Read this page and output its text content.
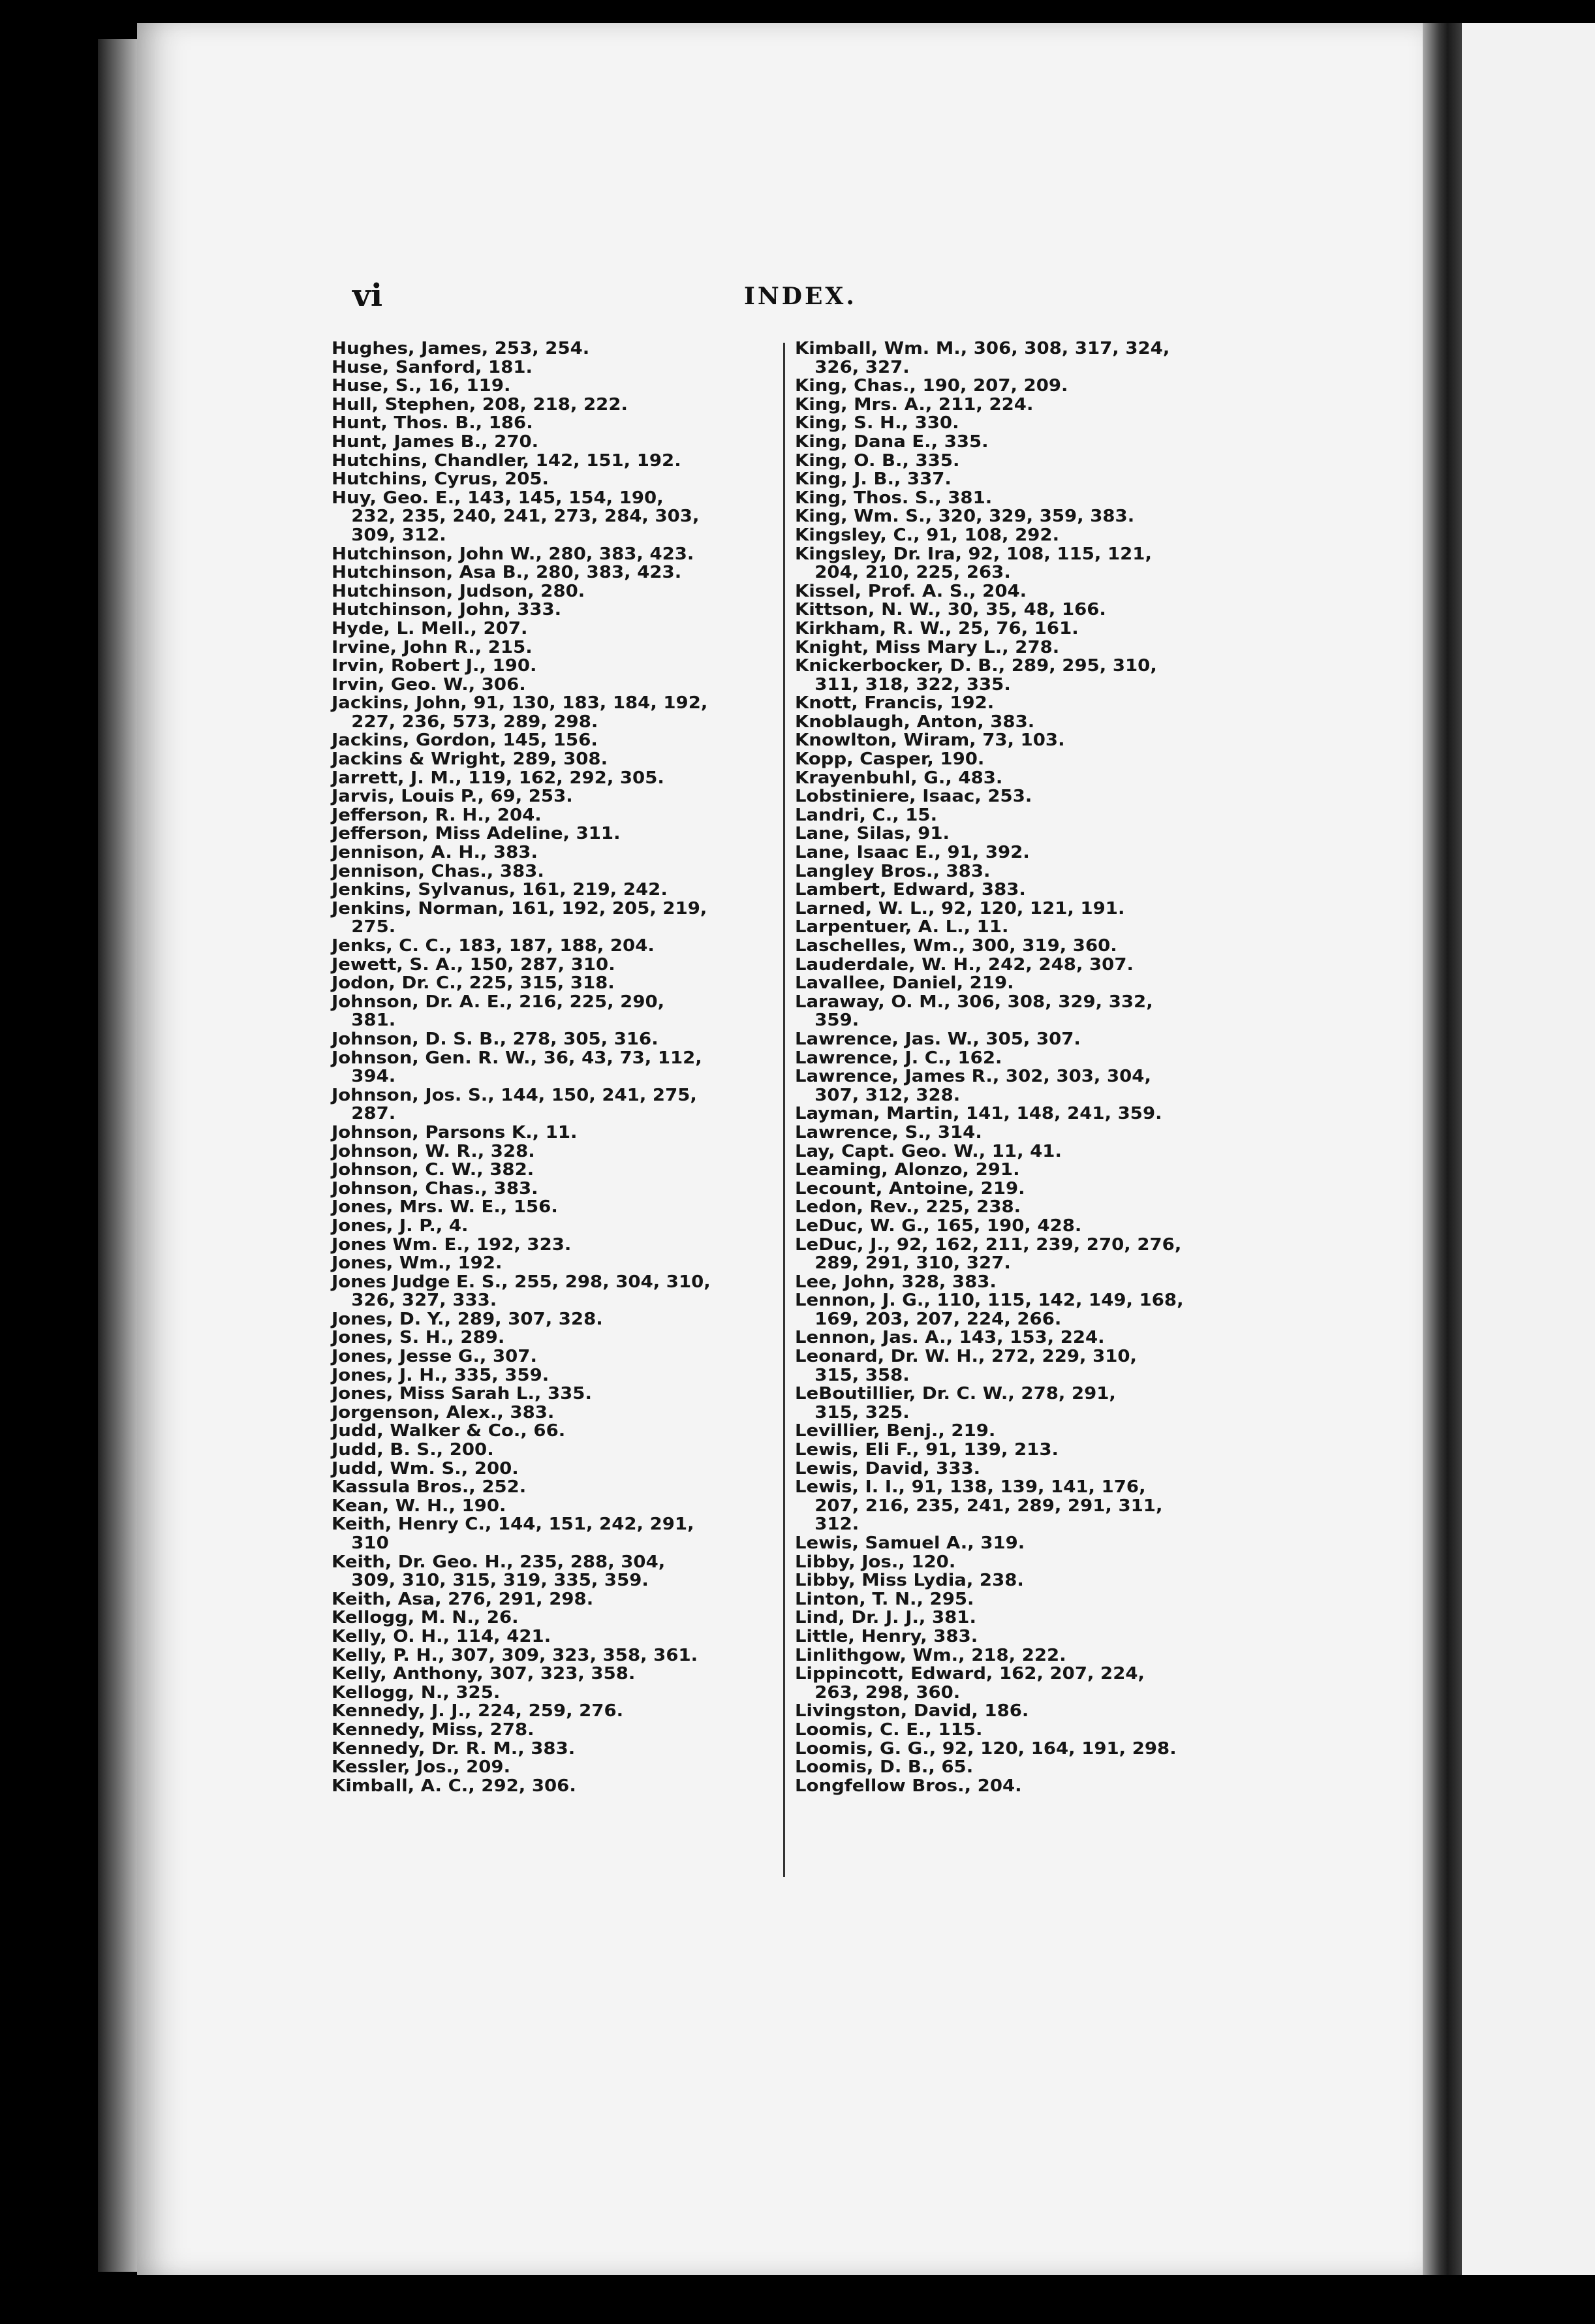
vi	INDEX.
Hughes, James, 253, 254.
Huse, Sanford, 181.
Huse, S., 16, 119.
Hull, Stephen, 208, 218, 222.
Hunt, Thos. B., 186.
Hunt, James B., 270.
Hutchins, Chandler, 142, 151, 192.
Hutchins, Cyrus, 205.
Huy, Geo. E., 143, 145, 154, 190,
232, 235, 240, 241, 273, 284, 303,
309, 312.
Hutchinson, John W., 280, 383, 423.
Hutchinson, Asa B., 280, 383, 423.
Hutchinson, Judson, 280.
Hutchinson, John, 333.
Hyde, L. Mell., 207.
Irvine, John R., 215.
Irvin, Robert J., 190.
Irvin, Geo. W., 306.
Jackins, John, 91, 130, 183, 184, 192,
227, 236, 573, 289, 298.
Jackins, Gordon, 145, 156.
Jackins & Wright, 289, 308.
Jarrett, J. M., 119, 162, 292, 305.
Jarvis, Louis P., 69, 253.
Jefferson, R. H., 204.
Jefferson, Miss Adeline, 311.
Jennison, A. H., 383.
Jennison, Chas., 383.
Jenkins, Sylvanus, 161, 219, 242.
Jenkins, Norman, 161, 192, 205, 219,
275.
Jenks, C. C., 183, 187, 188, 204.
Jewett, S. A., 150, 287, 310.
Jodon, Dr. C., 225, 315, 318.
Johnson, Dr. A. E., 216, 225, 290,
381.
Johnson, D. S. B., 278, 305, 316.
Johnson, Gen. R. W., 36, 43, 73, 112,
394.
Johnson, Jos. S., 144, 150, 241, 275,
287.
Johnson, Parsons K., 11.
Johnson, W. R., 328.
Johnson, C. W., 382.
Johnson, Chas., 383.
Jones, Mrs. W. E., 156.
Jones, J. P., 4.
Jones Wm. E., 192, 323.
Jones, Wm., 192.
Jones Judge E. S., 255, 298, 304, 310,
326, 327, 333.
Jones, D. Y., 289, 307, 328.
Jones, S. H., 289.
Jones, Jesse G., 307.
Jones, J. H., 335, 359.
Jones, Miss Sarah L., 335.
Jorgenson, Alex., 383.
Judd, Walker & Co., 66.
Judd, B. S., 200.
Judd, Wm. S., 200.
Kassula Bros., 252.
Kean, W. H., 190.
Keith, Henry C., 144, 151, 242, 291,
310
Keith, Dr. Geo. H., 235, 288, 304,
309, 310, 315, 319, 335, 359.
Keith, Asa, 276, 291, 298.
Kellogg, M. N., 26.
Kelly, O. H., 114, 421.
Kelly, P. H., 307, 309, 323, 358, 361.
Kelly, Anthony, 307, 323, 358.
Kellogg, N., 325.
Kennedy, J. J., 224, 259, 276.
Kennedy, Miss, 278.
Kennedy, Dr. R. M., 383.
Kessler, Jos., 209.
Kimball, A. C., 292, 306.
Kimball, Wm. M., 306, 308, 317, 324,
326, 327.
King, Chas., 190, 207, 209.
King, Mrs. A., 211, 224.
King, S. H., 330.
King, Dana E., 335.
King, O. B., 335.
King, J. B., 337.
King, Thos. S., 381.
King, Wm. S., 320, 329, 359, 383.
Kingsley, C., 91, 108, 292.
Kingsley, Dr. Ira, 92, 108, 115, 121,
204, 210, 225, 263.
Kissel, Prof. A. S., 204.
Kittson, N. W., 30, 35, 48, 166.
Kirkham, R. W., 25, 76, 161.
Knight, Miss Mary L., 278.
Knickerbocker, D. B., 289, 295, 310,
311, 318, 322, 335.
Knott, Francis, 192.
Knoblaugh, Anton, 383.
Knowlton, Wiram, 73, 103.
Kopp, Casper, 190.
Krayenbuhl, G., 483.
Lobstiniere, Isaac, 253.
Landri, C., 15.
Lane, Silas, 91.
Lane, Isaac E., 91, 392.
Langley Bros., 383.
Lambert, Edward, 383.
Larned, W. L., 92, 120, 121, 191.
Larpentuer, A. L., 11.
Laschelles, Wm., 300, 319, 360.
Lauderdale, W. H., 242, 248, 307.
Lavallee, Daniel, 219.
Laraway, O. M., 306, 308, 329, 332,
359.
Lawrence, Jas. W., 305, 307.
Lawrence, J. C., 162.
Lawrence, James R., 302, 303, 304,
307, 312, 328.
Layman, Martin, 141, 148, 241, 359.
Lawrence, S., 314.
Lay, Capt. Geo. W., 11, 41.
Leaming, Alonzo, 291.
Lecount, Antoine, 219.
Ledon, Rev., 225, 238.
LeDuc, W. G., 165, 190, 428.
LeDuc, J., 92, 162, 211, 239, 270, 276,
289, 291, 310, 327.
Lee, John, 328, 383.
Lennon, J. G., 110, 115, 142, 149, 168,
169, 203, 207, 224, 266.
Lennon, Jas. A., 143, 153, 224.
Leonard, Dr. W. H., 272, 229, 310,
315, 358.
LeBoutillier, Dr. C. W., 278, 291,
315, 325.
Levillier, Benj., 219.
Lewis, Eli F., 91, 139, 213.
Lewis, David, 333.
Lewis, I. I., 91, 138, 139, 141, 176,
207, 216, 235, 241, 289, 291, 311,
312.
Lewis, Samuel A., 319.
Libby, Jos., 120.
Libby, Miss Lydia, 238.
Linton, T. N., 295.
Lind, Dr. J. J., 381.
Little, Henry, 383.
Linlithgow, Wm., 218, 222.
Lippincott, Edward, 162, 207, 224,
263, 298, 360.
Livingston, David, 186.
Loomis, C. E., 115.
Loomis, G. G., 92, 120, 164, 191, 298.
Loomis, D. B., 65.
Longfellow Bros., 204.
